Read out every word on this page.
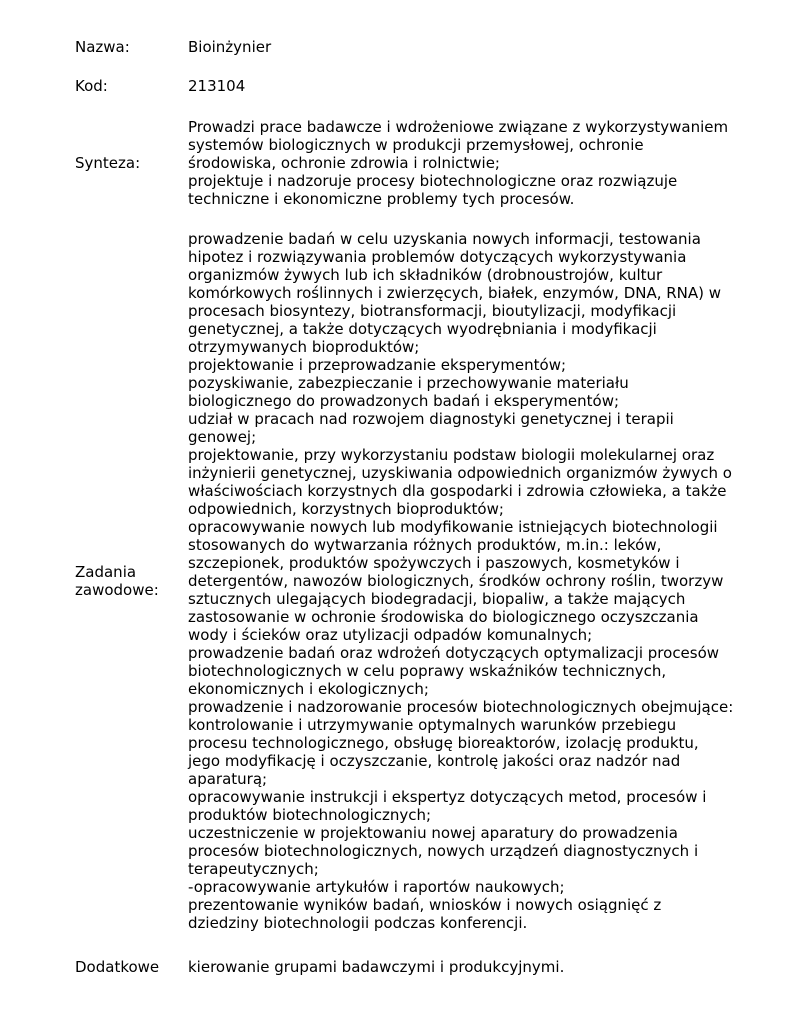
Nazwa:	Bioinżynier
Kod:	213104
Synteza:

Prowadzi prace badawcze i wdrożeniowe związane z wykorzystywaniem

systemów biologicznych w produkcji przemysłowej, ochronie

środowiska, ochronie zdrowia i rolnictwie;

projektuje i nadzoruje procesy biotechnologiczne oraz rozwiązuje

techniczne i ekonomiczne problemy tych procesów.

Zadania

zawodowe:

prowadzenie badań w celu uzyskania nowych informacji, testowania

hipotez i rozwiązywania problemów dotyczących wykorzystywania

organizmów żywych lub ich składników (drobnoustrojów, kultur

komórkowych roślinnych i zwierzęcych, białek, enzymów, DNA, RNA) w

procesach biosyntezy, biotransformacji, bioutylizacji, modyfikacji

genetycznej, a także dotyczących wyodrębniania i modyfikacji

otrzymywanych bioproduktów;

projektowanie i przeprowadzanie eksperymentów;

pozyskiwanie, zabezpieczanie i przechowywanie materiału

biologicznego do prowadzonych badań i eksperymentów;

udział w pracach nad rozwojem diagnostyki genetycznej i terapii

genowej;

projektowanie, przy wykorzystaniu podstaw biologii molekularnej oraz

inżynierii genetycznej, uzyskiwania odpowiednich organizmów żywych o

właściwościach korzystnych dla gospodarki i zdrowia człowieka, a także

odpowiednich, korzystnych bioproduktów;

opracowywanie nowych lub modyfikowanie istniejących biotechnologii

stosowanych do wytwarzania różnych produktów, m.in.: leków,

szczepionek, produktów spożywczych i paszowych, kosmetyków i

detergentów, nawozów biologicznych, środków ochrony roślin, tworzyw

sztucznych ulegających biodegradacji, biopaliw, a także mających

zastosowanie w ochronie środowiska do biologicznego oczyszczania

wody i ścieków oraz utylizacji odpadów komunalnych;

prowadzenie badań oraz wdrożeń dotyczących optymalizacji procesów

biotechnologicznych w celu poprawy wskaźników technicznych,

ekonomicznych i ekologicznych;

prowadzenie i nadzorowanie procesów biotechnologicznych obejmujące:

kontrolowanie i utrzymywanie optymalnych warunków przebiegu

procesu technologicznego, obsługę bioreaktorów, izolację produktu,

jego modyfikację i oczyszczanie, kontrolę jakości oraz nadzór nad

aparaturą;

opracowywanie instrukcji i ekspertyz dotyczących metod, procesów i

produktów biotechnologicznych;

uczestniczenie w projektowaniu nowej aparatury do prowadzenia

procesów biotechnologicznych, nowych urządzeń diagnostycznych i

terapeutycznych;

-opracowywanie artykułów i raportów naukowych;

prezentowanie wyników badań, wniosków i nowych osiągnięć z

dziedziny biotechnologii podczas konferencji.

Dodatkowe	kierowanie grupami badawczymi i produkcyjnymi.
